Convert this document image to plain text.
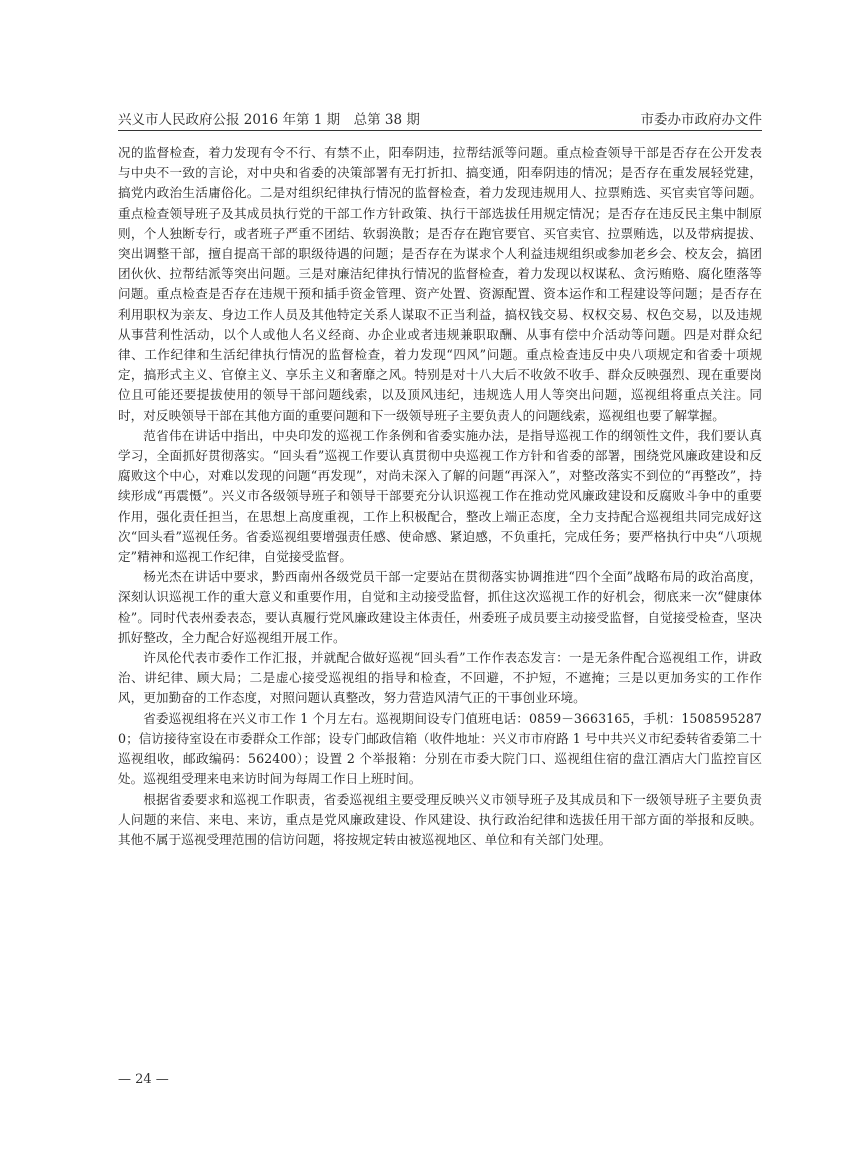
兴义市人民政府公报 2016 年第 1 期　总第 38 期	市委办市政府办文件

况的监督检查，着力发现有令不行、有禁不止，阳奉阴违，拉帮结派等问题。重点检查领导干部是否存在公开发表与中央不一致的言论，对中央和省委的决策部署有无打折扣、搞变通，阳奉阴违的情况；是否存在重发展轻党建，搞党内政治生活庸俗化。二是对组织纪律执行情况的监督检查，着力发现违规用人、拉票贿选、买官卖官等问题。重点检查领导班子及其成员执行党的干部工作方针政策、执行干部选拔任用规定情况；是否存在违反民主集中制原则，个人独断专行，或者班子严重不团结、软弱涣散；是否存在跑官要官、买官卖官、拉票贿选，以及带病提拔、突出调整干部，擅自提高干部的职级待遇的问题；是否存在为谋求个人利益违规组织或参加老乡会、校友会，搞团团伙伙、拉帮结派等突出问题。三是对廉洁纪律执行情况的监督检查，着力发现以权谋私、贪污贿赂、腐化堕落等问题。重点检查是否存在违规干预和插手资金管理、资产处置、资源配置、资本运作和工程建设等问题；是否存在利用职权为亲友、身边工作人员及其他特定关系人谋取不正当利益，搞权钱交易、权权交易、权色交易，以及违规从事营利性活动，以个人或他人名义经商、办企业或者违规兼职取酬、从事有偿中介活动等问题。四是对群众纪律、工作纪律和生活纪律执行情况的监督检查，着力发现“四风”问题。重点检查违反中央八项规定和省委十项规定，搞形式主义、官僚主义、享乐主义和奢靡之风。特别是对十八大后不收敛不收手、群众反映强烈、现在重要岗位且可能还要提拔使用的领导干部问题线索，以及顶风违纪，违规选人用人等突出问题，巡视组将重点关注。同时，对反映领导干部在其他方面的重要问题和下一级领导班子主要负责人的问题线索，巡视组也要了解掌握。

范省伟在讲话中指出，中央印发的巡视工作条例和省委实施办法，是指导巡视工作的纲领性文件，我们要认真学习，全面抓好贯彻落实。“回头看”巡视工作要认真贯彻中央巡视工作方针和省委的部署，围绕党风廉政建设和反腐败这个中心，对难以发现的问题“再发现”，对尚未深入了解的问题“再深入”，对整改落实不到位的“再整改”，持续形成“再震慑”。兴义市各级领导班子和领导干部要充分认识巡视工作在推动党风廉政建设和反腐败斗争中的重要作用，强化责任担当，在思想上高度重视，工作上积极配合，整改上端正态度，全力支持配合巡视组共同完成好这次“回头看”巡视任务。省委巡视组要增强责任感、使命感、紧迫感，不负重托，完成任务；要严格执行中央“八项规定”精神和巡视工作纪律，自觉接受监督。

杨光杰在讲话中要求，黔西南州各级党员干部一定要站在贯彻落实协调推进“四个全面”战略布局的政治高度，深刻认识巡视工作的重大意义和重要作用，自觉和主动接受监督，抓住这次巡视工作的好机会，彻底来一次“健康体检”。同时代表州委表态，要认真履行党风廉政建设主体责任，州委班子成员要主动接受监督，自觉接受检查，坚决抓好整改，全力配合好巡视组开展工作。

许凤伦代表市委作工作汇报，并就配合做好巡视“回头看”工作作表态发言：一是无条件配合巡视组工作，讲政治、讲纪律、顾大局；二是虚心接受巡视组的指导和检查，不回避，不护短，不遮掩；三是以更加务实的工作作风，更加勤奋的工作态度，对照问题认真整改，努力营造风清气正的干事创业环境。

省委巡视组将在兴义市工作 1 个月左右。巡视期间设专门值班电话：0859－3663165，手机：15085952870；信访接待室设在市委群众工作部；设专门邮政信箱（收件地址：兴义市市府路 1 号中共兴义市纪委转省委第二十巡视组收，邮政编码：562400）；设置 2 个举报箱：分别在市委大院门口、巡视组住宿的盘江酒店大门监控盲区处。巡视组受理来电来访时间为每周工作日上班时间。

根据省委要求和巡视工作职责，省委巡视组主要受理反映兴义市领导班子及其成员和下一级领导班子主要负责人问题的来信、来电、来访，重点是党风廉政建设、作风建设、执行政治纪律和选拔任用干部方面的举报和反映。其他不属于巡视受理范围的信访问题，将按规定转由被巡视地区、单位和有关部门处理。

— 24 —
